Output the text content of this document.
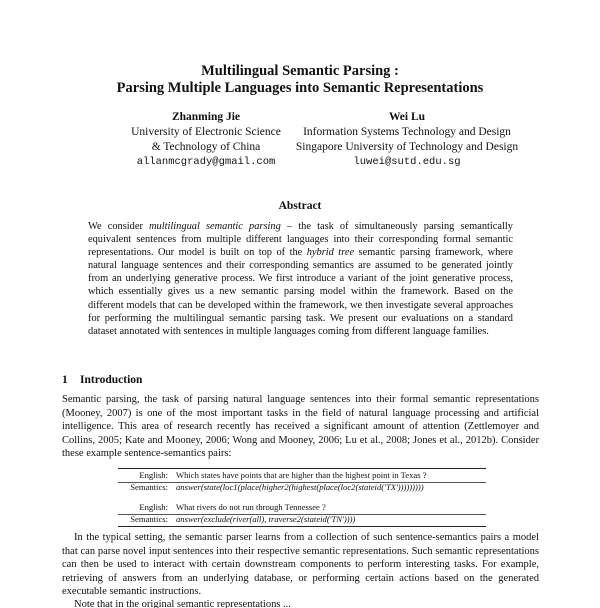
Multilingual Semantic Parsing :
Parsing Multiple Languages into Semantic Representations
Zhanming Jie
University of Electronic Science
& Technology of China
allanmcgrady@gmail.com
Wei Lu
Information Systems Technology and Design
Singapore University of Technology and Design
luwei@sutd.edu.sg
Abstract
We consider multilingual semantic parsing – the task of simultaneously parsing semantically equivalent sentences from multiple different languages into their corresponding formal semantic representations. Our model is built on top of the hybrid tree semantic parsing framework, where natural language sentences and their corresponding semantics are assumed to be generated jointly from an underlying generative process. We first introduce a variant of the joint generative process, which essentially gives us a new semantic parsing model within the framework. Based on the different models that can be developed within the framework, we then investigate several approaches for performing the multilingual semantic parsing task. We present our evaluations on a standard dataset annotated with sentences in multiple languages coming from different language families.
1 Introduction
Semantic parsing, the task of parsing natural language sentences into their formal semantic representations (Mooney, 2007) is one of the most important tasks in the field of natural language processing and artificial intelligence. This area of research recently has received a significant amount of attention (Zettlemoyer and Collins, 2005; Kate and Mooney, 2006; Wong and Mooney, 2006; Lu et al., 2008; Jones et al., 2012b). Consider these example sentence-semantics pairs:
English: Which states have points that are higher than the highest point in Texas ?
Semantics: answer(state(loc1(place(higher2(highest(place(loc2(stateid('TX')))))))))
English: What rivers do not run through Tennessee ?
Semantics: answer(exclude(river(all), traverse2(stateid('TN'))))
In the typical setting, the semantic parser learns from a collection of such sentence-semantics pairs a model that can parse novel input sentences into their respective semantic representations. Such semantic representations can then be used to interact with certain downstream components to perform interesting tasks. For example, retrieving of answers from an underlying database, or performing certain actions based on the generated executable semantic instructions.
Note that in the original semantic representations ...
